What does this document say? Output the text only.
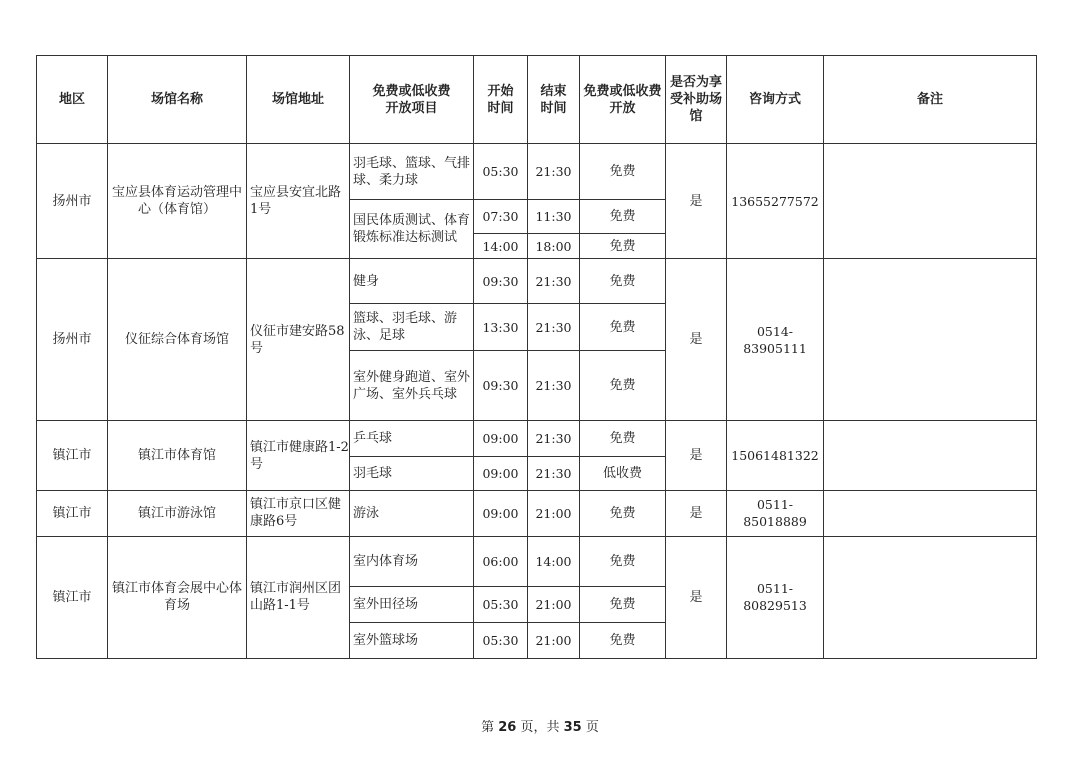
地区	场馆名称	场馆地址	免费或低收费开放项目	开始时间	结束时间	免费或低收费开放	是否为享受补助场馆	咨询方式	备注
扬州市	宝应县体育运动管理中心（体育馆）	宝应县安宜北路1号	羽毛球、篮球、气排球、柔力球	05:30	21:30	免费	是	13655277572	
			国民体质测试、体育锻炼标准达标测试	07:30	11:30	免费			
				14:00	18:00	免费			
扬州市	仪征综合体育场馆	仪征市建安路58号	健身	09:30	21:30	免费	是	0514-83905111	
			篮球、羽毛球、游泳、足球	13:30	21:30	免费			
			室外健身跑道、室外广场、室外兵乓球	09:30	21:30	免费			
镇江市	镇江市体育馆	镇江市健康路1-2号	乒乓球	09:00	21:30	免费	是	15061481322	
			羽毛球	09:00	21:30	低收费			
镇江市	镇江市游泳馆	镇江市京口区健康路6号	游泳	09:00	21:00	免费	是	0511-85018889	
镇江市	镇江市体育会展中心体育场	镇江市润州区团山路1-1号	室内体育场	06:00	14:00	免费	是	0511-80829513	
			室外田径场	05:30	21:00	免费			
			室外篮球场	05:30	21:00	免费			
第 26 页，共 35 页
